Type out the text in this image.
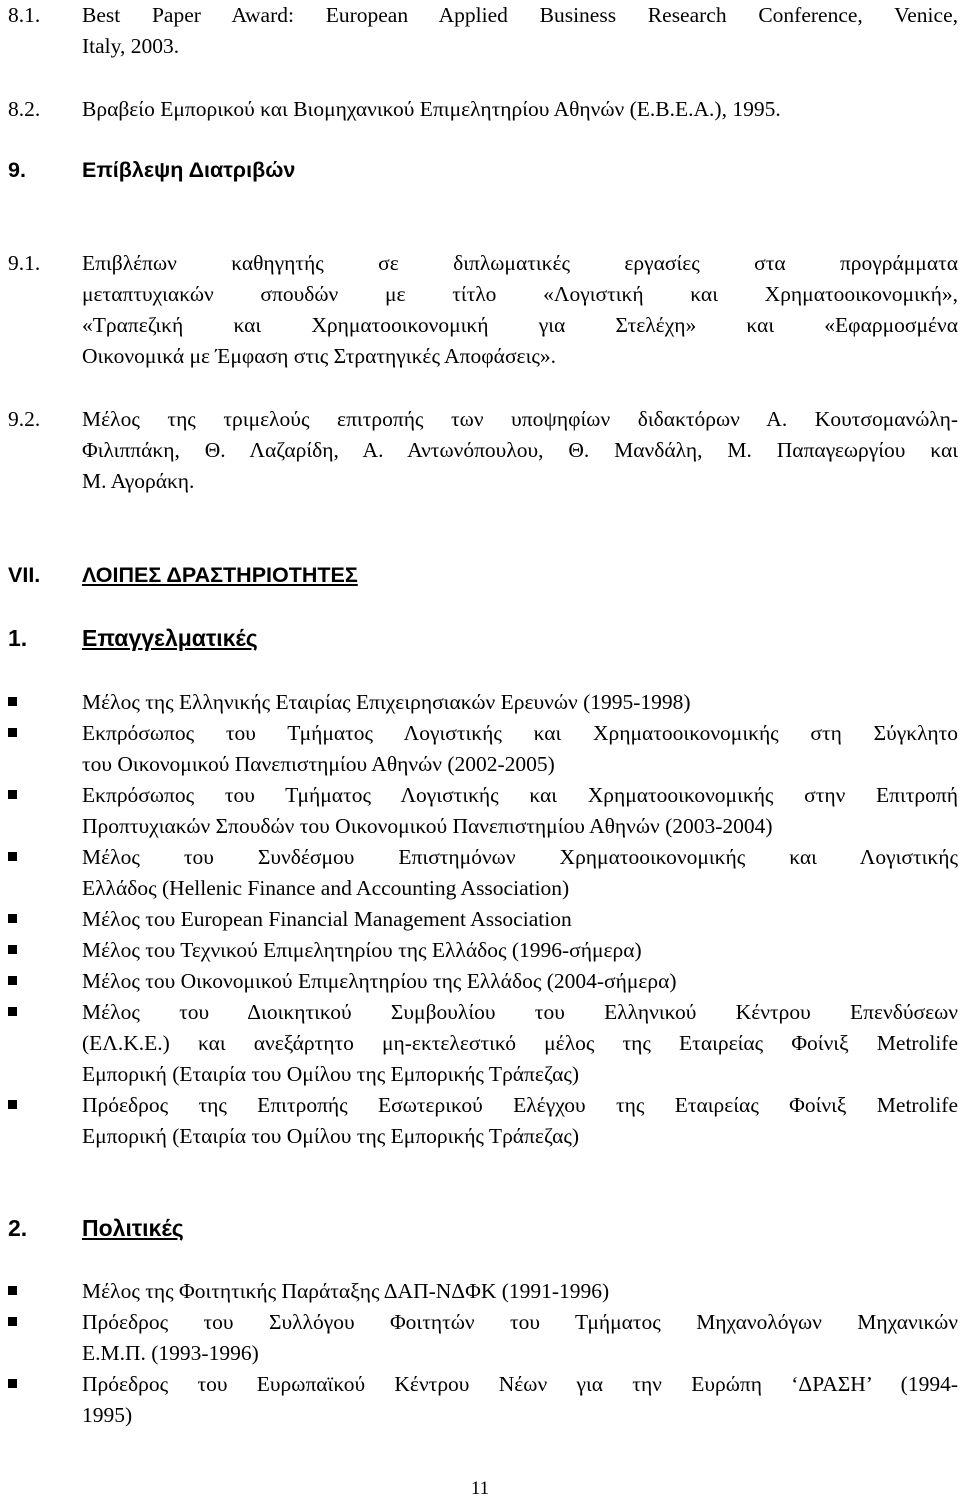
8.1. Best Paper Award: European Applied Business Research Conference, Venice,
Italy, 2003.
8.2. Βραβείο Εμπορικού και Βιομηχανικού Επιμελητηρίου Αθηνών (Ε.Β.Ε.Α.), 1995.
9.	Επίβλεψη Διατριβών
9.1. Επιβλέπων καθηγητής σε διπλωματικές εργασίες στα προγράμματα
μεταπτυχιακών σπουδών με τίτλο «Λογιστική και Χρηματοοικονομική»,
«Τραπεζική και Χρηματοοικονομική για Στελέχη» και «Εφαρμοσμένα
Οικονομικά με Έμφαση στις Στρατηγικές Αποφάσεις».
9.2. Μέλος της τριμελούς επιτροπής των υποψηφίων διδακτόρων Α. Κουτσομανώλη-
Φιλιππάκη, Θ. Λαζαρίδη, Α. Αντωνόπουλου, Θ. Μανδάλη, Μ. Παπαγεωργίου και
Μ. Αγοράκη.
VII. ΛΟΙΠΕΣ ΔΡΑΣΤΗΡΙΟΤΗΤΕΣ
1. Επαγγελματικές
Μέλος της Ελληνικής Εταιρίας Επιχειρησιακών Ερευνών (1995-1998)
Εκπρόσωπος του Τμήματος Λογιστικής και Χρηματοοικονομικής στη Σύγκλητο
του Οικονομικού Πανεπιστημίου Αθηνών (2002-2005)
Εκπρόσωπος του Τμήματος Λογιστικής και Χρηματοοικονομικής στην Επιτροπή
Προπτυχιακών Σπουδών του Οικονομικού Πανεπιστημίου Αθηνών (2003-2004)
Μέλος του Συνδέσμου Επιστημόνων Χρηματοοικονομικής και Λογιστικής
Ελλάδος (Hellenic Finance and Accounting Association)
Μέλος του European Financial Management Association
Μέλος του Τεχνικού Επιμελητηρίου της Ελλάδος (1996-σήμερα)
Μέλος του Οικονομικού Επιμελητηρίου της Ελλάδος (2004-σήμερα)
Μέλος του Διοικητικού Συμβουλίου του Ελληνικού Κέντρου Επενδύσεων
(ΕΛ.Κ.Ε.) και ανεξάρτητο μη-εκτελεστικό μέλος της Εταιρείας Φοίνιξ Metrolife
Εμπορική (Εταιρία του Ομίλου της Εμπορικής Τράπεζας)
Πρόεδρος της Επιτροπής Εσωτερικού Ελέγχου της Εταιρείας Φοίνιξ Metrolife
Εμπορική (Εταιρία του Ομίλου της Εμπορικής Τράπεζας)
2. Πολιτικές
Μέλος της Φοιτητικής Παράταξης ΔΑΠ-ΝΔΦΚ (1991-1996)
Πρόεδρος του Συλλόγου Φοιτητών του Τμήματος Μηχανολόγων Μηχανικών
Ε.Μ.Π. (1993-1996)
Πρόεδρος του Ευρωπαϊκού Κέντρου Νέων για την Ευρώπη ‘ΔΡΑΣΗ’ (1994-
1995)
11
